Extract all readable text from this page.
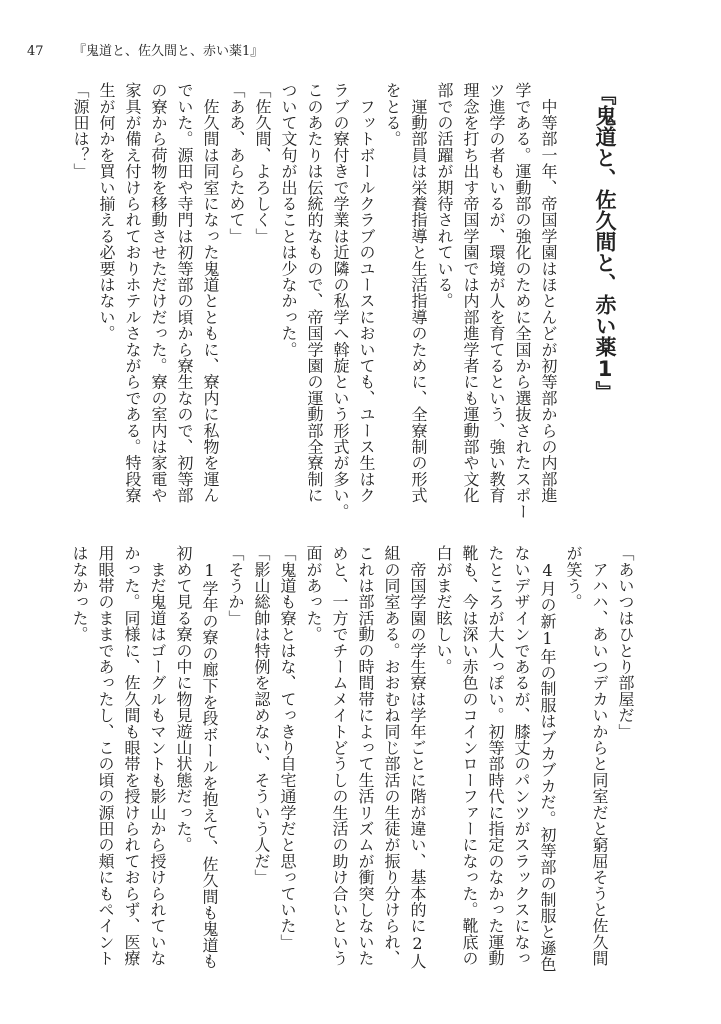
47 『鬼道と、佐久間と、赤い薬1』
『鬼道と、佐久間と、赤い薬1』
　中等部一年、帝国学園はほとんどが初等部からの内部進
学である。運動部の強化のために全国から選抜されたスポー
ツ進学の者もいるが、環境が人を育てるという、強い教育
理念を打ち出す帝国学園では内部進学者にも運動部や文化
部での活躍が期待されている。
　運動部員は栄養指導と生活指導のために、全寮制の形式
をとる。
　フットボールクラブのユースにおいても、ユース生はク
ラブの寮付きで学業は近隣の私学へ斡旋という形式が多い。
このあたりは伝統的なもので、帝国学園の運動部全寮制に
ついて文句が出ることは少なかった。
「佐久間、よろしく」
「ああ、あらためて」
　佐久間は同室になった鬼道とともに、寮内に私物を運ん
でいた。源田や寺門は初等部の頃から寮生なので、初等部
の寮から荷物を移動させただけだった。寮の室内は家電や
家具が備え付けられておりホテルさながらである。特段寮
生が何かを買い揃える必要はない。
「源田は？」
「あいつはひとり部屋だ」
　アハハ、あいつデカいからと同室だと窮屈そうと佐久間
が笑う。
　4月の新1年の制服はブカブカだ。初等部の制服と遜色
ないデザインであるが、膝丈のパンツがスラックスになっ
たところが大人っぽい。初等部時代に指定のなかった運動
靴も、今は深い赤色のコインローファーになった。靴底の
白がまだ眩しい。
　帝国学園の学生寮は学年ごとに階が違い、基本的に2人
組の同室ある。おおむね同じ部活の生徒が振り分けられ、
これは部活動の時間帯によって生活リズムが衝突しないた
めと、一方でチームメイトどうしの生活の助け合いという
面があった。
「鬼道も寮とはな、てっきり自宅通学だと思っていた」
「影山総帥は特例を認めない、そういう人だ」
「そうか」
　1学年の寮の廊下を段ボールを抱えて、佐久間も鬼道も
初めて見る寮の中に物見遊山状態だった。
　まだ鬼道はゴーグルもマントも影山から授けられていな
かった。同様に、佐久間も眼帯を授けられておらず、医療
用眼帯のままであったし、この頃の源田の頬にもペイント
はなかった。
